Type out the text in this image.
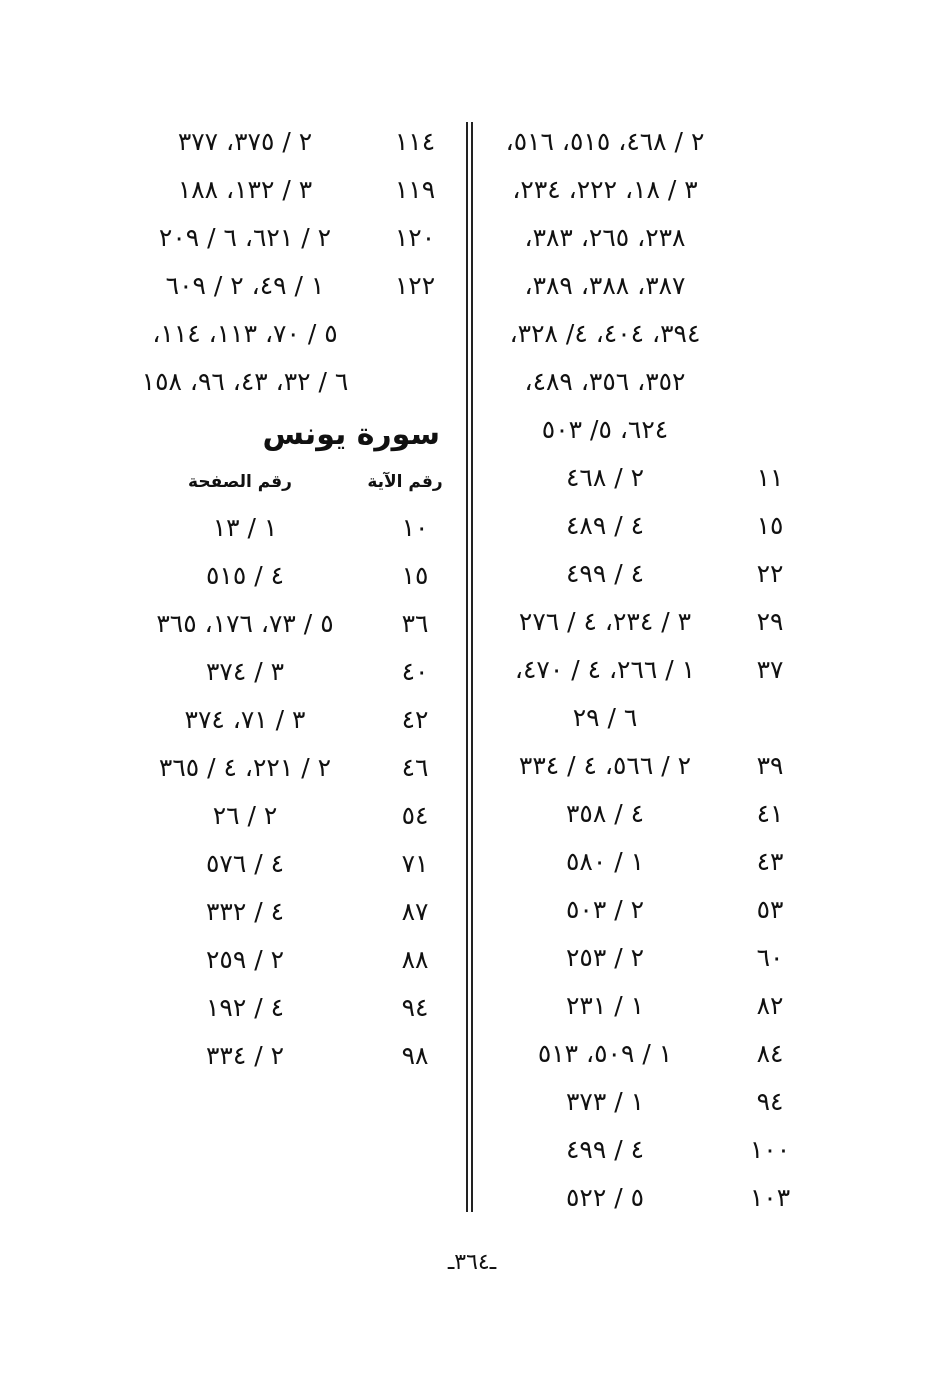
٢ / ٤٦٨، ٥١٥، ٥١٦،
٣ / ١٨، ٢٢٢، ٢٣٤،
٢٣٨، ٢٦٥، ٣٨٣،
٣٨٧، ٣٨٨، ٣٨٩،
٣٩٤، ٤٠٤، ٤/ ٣٢٨،
٣٥٢، ٣٥٦، ٤٨٩،
٦٢٤، ٥/ ٥٠٣
١١
٢ / ٤٦٨
١٥
٤ / ٤٨٩
٢٢
٤ / ٤٩٩
٢٩
٣ / ٢٣٤، ٤ / ٢٧٦
٣٧
١ / ٢٦٦، ٤ / ٤٧٠،
٦ / ٢٩
٣٩
٢ / ٥٦٦، ٤ / ٣٣٤
٤١
٤ / ٣٥٨
٤٣
١ / ٥٨٠
٥٣
٢ / ٥٠٣
٦٠
٢ / ٢٥٣
٨٢
١ / ٢٣١
٨٤
١ / ٥٠٩، ٥١٣
٩٤
١ / ٣٧٣
١٠٠
٤ / ٤٩٩
١٠٣
٥ / ٥٢٢
١١٤
٢ / ٣٧٥، ٣٧٧
١١٩
٣ / ١٣٢، ١٨٨
١٢٠
٢ / ٦٢١، ٦ / ٢٠٩
١٢٢
١ / ٤٩، ٢ / ٦٠٩
٥ / ٧٠، ١١٣، ١١٤،
٦ / ٣٢، ٤٣، ٩٦، ١٥٨
سورة يونس
رقم الآية
رقم الصفحة
١٠
١ / ١٣
١٥
٤ / ٥١٥
٣٦
٥ / ٧٣، ١٧٦، ٣٦٥
٤٠
٣ / ٣٧٤
٤٢
٣ / ٧١، ٣٧٤
٤٦
٢ / ٢٢١، ٤ / ٣٦٥
٥٤
٢ / ٢٦
٧١
٤ / ٥٧٦
٨٧
٤ / ٣٣٢
٨٨
٢ / ٢٥٩
٩٤
٤ / ١٩٢
٩٨
٢ / ٣٣٤
ـ٣٦٤ـ
